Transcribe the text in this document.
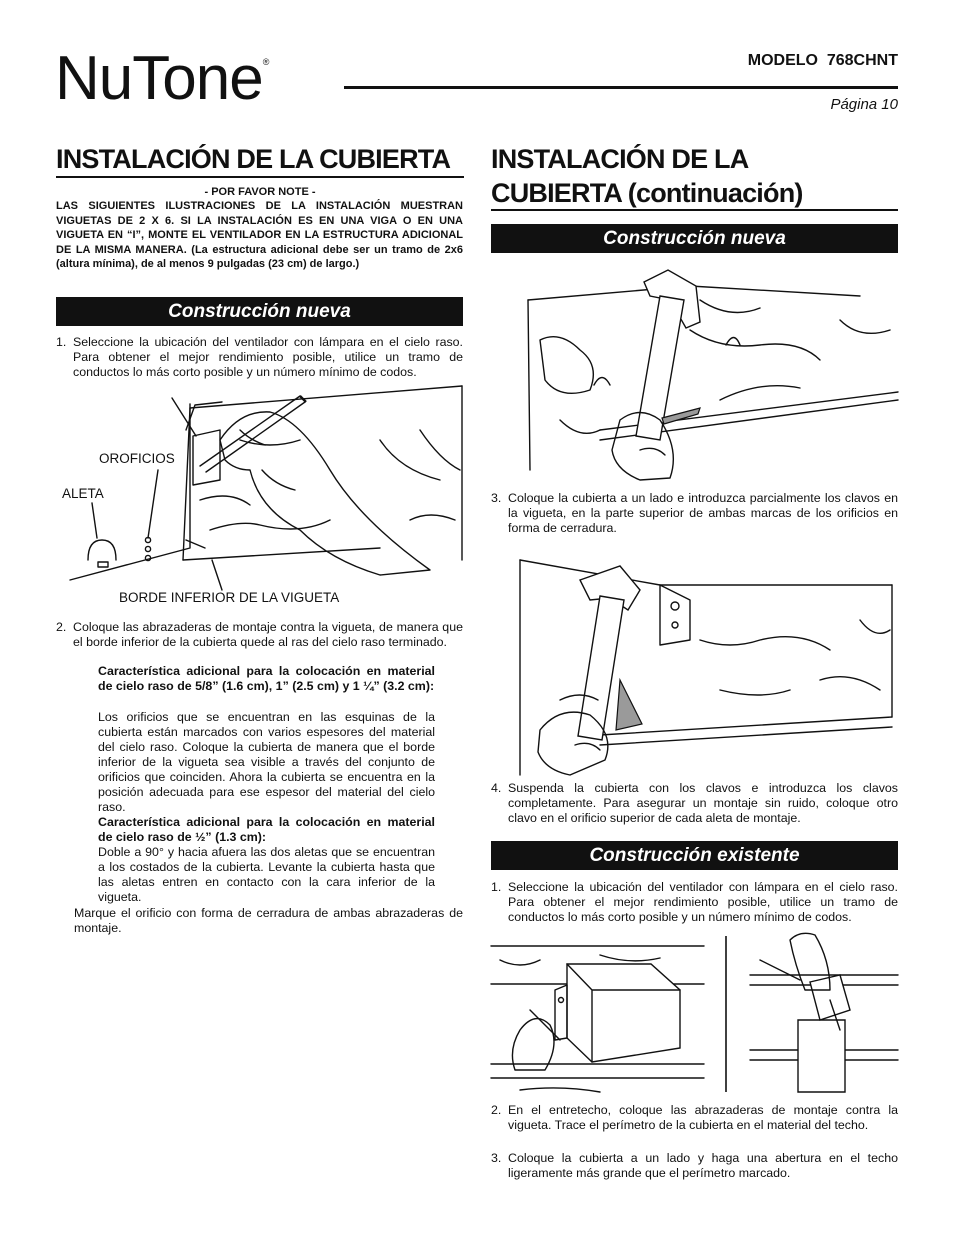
NuTone®	MODELO  768CHNT
Página 10
INSTALACIÓN DE LA CUBIERTA
- POR FAVOR NOTE -
LAS SIGUIENTES ILUSTRACIONES DE LA INSTALACIÓN MUESTRAN VIGUETAS DE 2 X 6. SI LA INSTALACIÓN ES EN UNA VIGA O EN UNA VIGUETA EN “I”, MONTE EL VENTILADOR EN LA ESTRUCTURA ADICIONAL DE LA MISMA MANERA. (La estructura adicional debe ser un tramo de 2x6 (altura mínima), de al menos 9 pulgadas (23 cm) de largo.)
Construcción nueva
1. Seleccione la ubicación del ventilador con lámpara en el cielo raso. Para obtener el mejor rendimiento posible, utilice un tramo de conductos lo más corto posible y un número mínimo de codos.
OROFICIOS
ALETA
BORDE INFERIOR DE LA VIGUETA
2. Coloque las abrazaderas de montaje contra la vigueta, de manera que el borde inferior de la cubierta quede al ras del cielo raso terminado.
Característica adicional para la colocación en material de cielo raso de 5/8” (1.6 cm), 1” (2.5 cm) y 1 ¼” (3.2 cm):
Los orificios que se encuentran en las esquinas de la cubierta están marcados con varios espesores del material del cielo raso. Coloque la cubierta de manera que el borde inferior de la vigueta sea visible a través del conjunto de orificios que coinciden. Ahora la cubierta se encuentra en la posición adecuada para ese espesor del material del cielo raso.
Característica adicional para la colocación en material de cielo raso de ½” (1.3 cm):
Doble a 90° y hacia afuera las dos aletas que se encuentran a los costados de la cubierta. Levante la cubierta hasta que las aletas entren en contacto con la cara inferior de la vigueta.
Marque el orificio con forma de cerradura de ambas abrazaderas de montaje.
INSTALACIÓN DE LA
CUBIERTA (continuación)
Construcción nueva
3. Coloque la cubierta a un lado e introduzca parcialmente los clavos en la vigueta, en la parte superior de ambas marcas de los orificios en forma de cerradura.
4. Suspenda la cubierta con los clavos e introduzca los clavos completamente. Para asegurar un montaje sin ruido, coloque otro clavo en el orificio superior de cada aleta de montaje.
Construcción existente
1. Seleccione la ubicación del ventilador con lámpara en el cielo raso. Para obtener el mejor rendimiento posible, utilice un tramo de conductos lo más corto posible y un número mínimo de codos.
2. En el entretecho, coloque las abrazaderas de montaje contra la vigueta. Trace el perímetro de la cubierta en el material del techo.
3. Coloque la cubierta a un lado y haga una abertura en el techo ligeramente más grande que el perímetro marcado.
